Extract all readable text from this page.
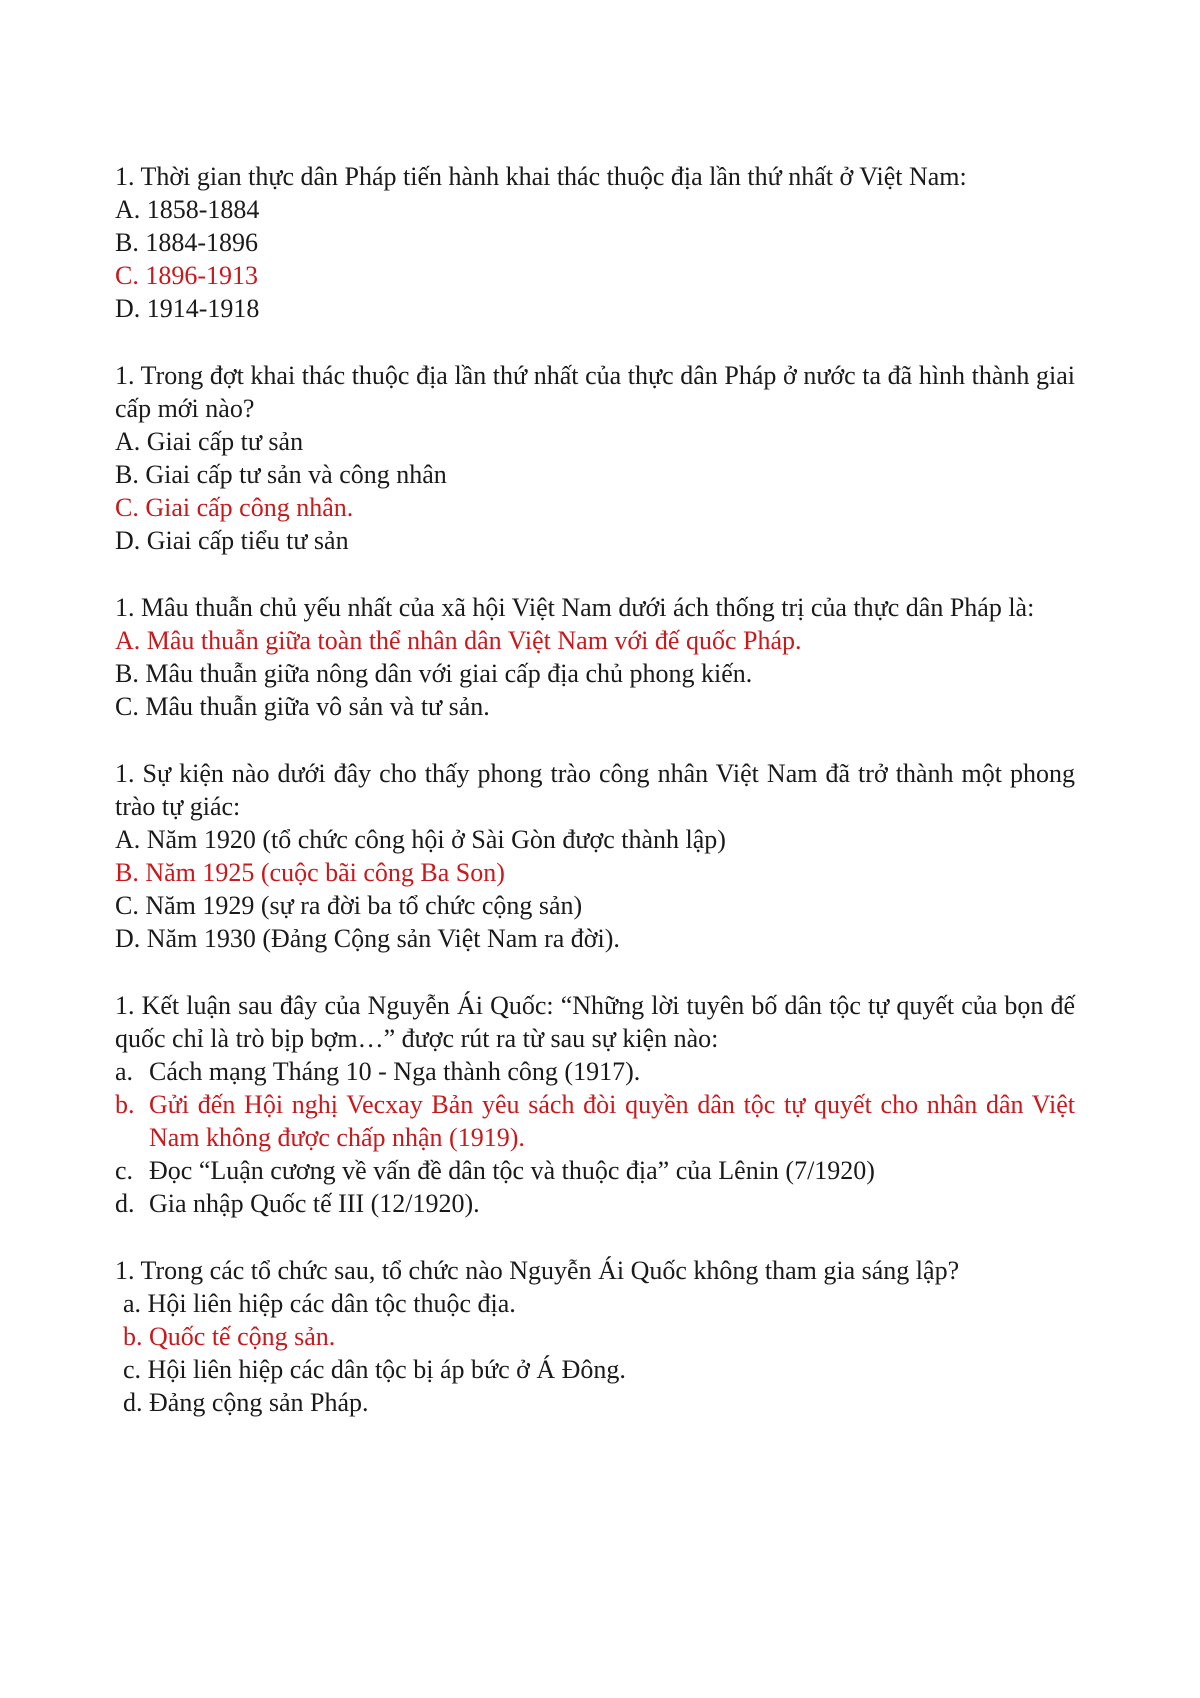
1. Thời gian thực dân Pháp tiến hành khai thác thuộc địa lần thứ nhất ở Việt Nam:
A. 1858-1884
B. 1884-1896
C. 1896-1913
D. 1914-1918
1. Trong đợt khai thác thuộc địa lần thứ nhất của thực dân Pháp ở nước ta đã hình thành giai cấp mới nào?
A. Giai cấp tư sản
B. Giai cấp tư sản và công nhân
C. Giai cấp công nhân.
D. Giai cấp tiểu tư sản
1. Mâu thuẫn chủ yếu nhất của xã hội Việt Nam dưới ách thống trị của thực dân Pháp là:
A. Mâu thuẫn giữa toàn thể nhân dân Việt Nam với đế quốc Pháp.
B. Mâu thuẫn giữa nông dân với giai cấp địa chủ phong kiến.
C. Mâu thuẫn giữa vô sản và tư sản.
1. Sự kiện nào dưới đây cho thấy phong trào công nhân Việt Nam đã trở thành một phong trào tự giác:
A. Năm 1920 (tổ chức công hội ở Sài Gòn được thành lập)
B. Năm 1925 (cuộc bãi công Ba Son)
C. Năm 1929 (sự ra đời ba tổ chức cộng sản)
D. Năm 1930 (Đảng Cộng sản Việt Nam ra đời).
1. Kết luận sau đây của Nguyễn Ái Quốc: “Những lời tuyên bố dân tộc tự quyết của bọn đế quốc chỉ là trò bịp bợm…” được rút ra từ sau sự kiện nào:
a. Cách mạng Tháng 10 - Nga thành công (1917).
b. Gửi đến Hội nghị Vecxay Bản yêu sách đòi quyền dân tộc tự quyết cho nhân dân Việt Nam không được chấp nhận (1919).
c. Đọc “Luận cương về vấn đề dân tộc và thuộc địa” của Lênin (7/1920)
d. Gia nhập Quốc tế III (12/1920).
1. Trong các tổ chức sau, tổ chức nào Nguyễn Ái Quốc không tham gia sáng lập?
a. Hội liên hiệp các dân tộc thuộc địa.
b. Quốc tế cộng sản.
c. Hội liên hiệp các dân tộc bị áp bức ở Á Đông.
d. Đảng cộng sản Pháp.
